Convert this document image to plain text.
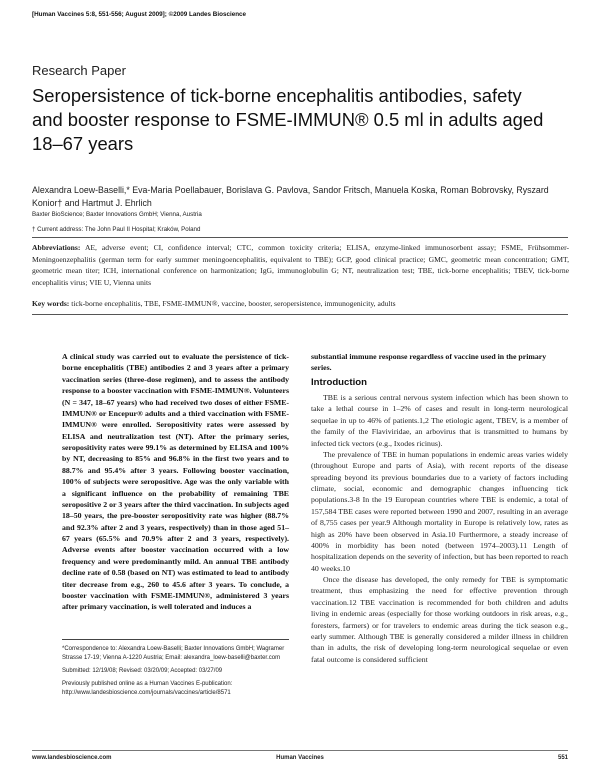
[Human Vaccines 5:8, 551-556; August 2009]; ©2009 Landes Bioscience
Research Paper
Seropersistence of tick-borne encephalitis antibodies, safety and booster response to FSME-IMMUN® 0.5 ml in adults aged 18–67 years
Alexandra Loew-Baselli,* Eva-Maria Poellabauer, Borislava G. Pavlova, Sandor Fritsch, Manuela Koska, Roman Bobrovsky, Ryszard Konior† and Hartmut J. Ehrlich
Baxter BioScience; Baxter Innovations GmbH; Vienna, Austria
† Current address: The John Paul II Hospital; Kraków, Poland
Abbreviations: AE, adverse event; CI, confidence interval; CTC, common toxicity criteria; ELISA, enzyme-linked immunosorbent assay; FSME, Frühsommer-Meningoenzephalitis (german term for early summer meningoencephalitis, equivalent to TBE); GCP, good clinical practice; GMC, geometric mean concentration; GMT, geometric mean titer; ICH, international conference on harmonization; IgG, immunoglobulin G; NT, neutralization test; TBE, tick-borne encephalitis; TBEV, tick-borne encephalitis virus; VIE U, Vienna units
Key words: tick-borne encephalitis, TBE, FSME-IMMUN®, vaccine, booster, seropersistence, immunogenicity, adults
A clinical study was carried out to evaluate the persistence of tick-borne encephalitis (TBE) antibodies 2 and 3 years after a primary vaccination series (three-dose regimen), and to assess the antibody response to a booster vaccination with FSME-IMMUN®. Volunteers (N = 347, 18–67 years) who had received two doses of either FSME-IMMUN® or Encepur® adults and a third vaccination with FSME-IMMUN® were enrolled. Seropositivity rates were assessed by ELISA and neutralization test (NT). After the primary series, seropositivity rates were 99.1% as determined by ELISA and 100% by NT, decreasing to 85% and 96.8% in the first two years and to 88.7% and 95.4% after 3 years. Following booster vaccination, 100% of subjects were seropositive. Age was the only variable with a significant influence on the probability of remaining TBE seropositive 2 or 3 years after the third vaccination. In subjects aged 18–50 years, the pre-booster seropositivity rate was higher (88.7% and 92.3% after 2 and 3 years, respectively) than in those aged 51–67 years (65.5% and 70.9% after 2 and 3 years, respectively). Adverse events after booster vaccination occurred with a low frequency and were predominantly mild. An annual TBE antibody decline rate of 0.58 (based on NT) was estimated to lead to antibody titer decrease from e.g., 260 to 45.6 after 3 years. To conclude, a booster vaccination with FSME-IMMUN®, administered 3 years after primary vaccination, is well tolerated and induces a
substantial immune response regardless of vaccine used in the primary series.
Introduction

TBE is a serious central nervous system infection which has been shown to take a lethal course in 1–2% of cases and result in long-term neurological sequelae in up to 46% of patients.1,2 The etiologic agent, TBEV, is a member of the family of the Flaviviridae, an arbovirus that is transmitted to humans by infected tick vectors (e.g., Ixodes ricinus).

The prevalence of TBE in human populations in endemic areas varies widely (throughout Europe and parts of Asia), with recent reports of the disease spreading beyond its previous boundaries due to a variety of factors including climate, social, economic and demographic changes influencing tick populations.3-8 In the 19 European countries where TBE is endemic, a total of 157,584 TBE cases were reported between 1990 and 2007, resulting in an average of 8,755 cases per year.9 Although mortality in Europe is relatively low, rates as high as 20% have been observed in Asia.10 Furthermore, a steady increase of 400% in morbidity has been noted (between 1974–2003).11 Length of hospitalization depends on the severity of infection, but has been reported to reach 40 weeks.10

Once the disease has developed, the only remedy for TBE is symptomatic treatment, thus emphasizing the need for effective prevention through vaccination.12 TBE vaccination is recommended for both children and adults living in endemic areas (especially for those working outdoors in risk areas, e.g., foresters, farmers) or for travelers to endemic areas during the tick season e.g., early summer. Although TBE is generally considered a milder illness in children than in adults, the risk of developing long-term neurological sequelae or even fatal outcome is considered sufficient

*Correspondence to: Alexandra Loew-Baselli; Baxter Innovations GmbH; Wagramer Strasse 17-19; Vienna A-1220 Austria; Email: alexandra_loew-baselli@baxter.com

Submitted: 12/19/08; Revised: 03/20/09; Accepted: 03/27/09

Previously published online as a Human Vaccines E-publication: http://www.landesbioscience.com/journals/vaccines/article/8571

www.landesbioscience.com	Human Vaccines	551
